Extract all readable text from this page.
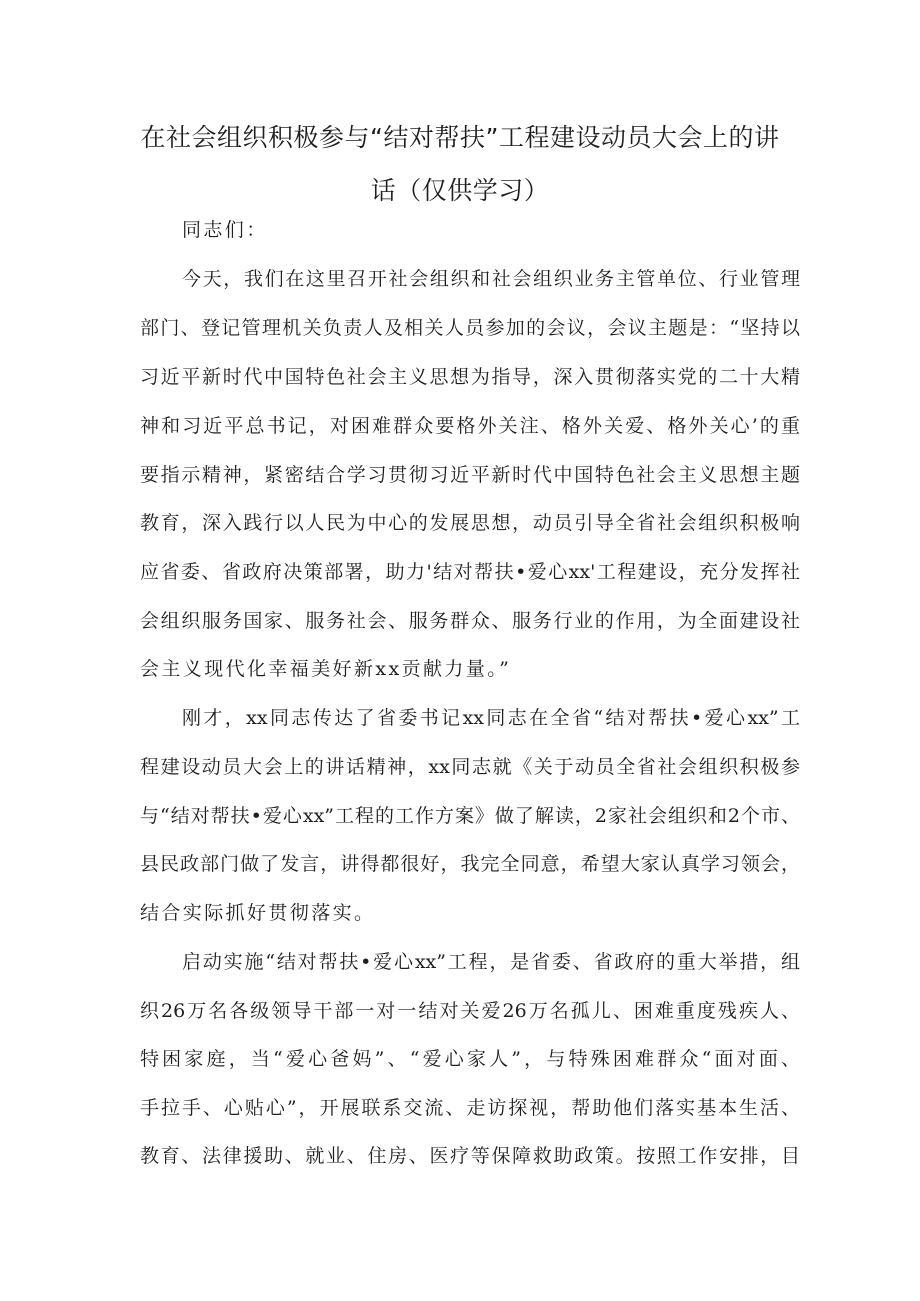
在社会组织积极参与“结对帮扶”工程建设动员大会上的讲
话（仅供学习）

同志们：

今天，我们在这里召开社会组织和社会组织业务主管单位、行业管理

部门、登记管理机关负责人及相关人员参加的会议，会议主题是：“坚持以

习近平新时代中国特色社会主义思想为指导，深入贯彻落实党的二十大精

神和习近平总书记，对困难群众要格外关注、格外关爱、格外关心’的重

要指示精神，紧密结合学习贯彻习近平新时代中国特色社会主义思想主题

教育，深入践行以人民为中心的发展思想，动员引导全省社会组织积极响

应省委、省政府决策部署，助力'结对帮扶•爱心xx'工程建设，充分发挥社

会组织服务国家、服务社会、服务群众、服务行业的作用，为全面建设社

会主义现代化幸福美好新xx贡献力量。”

刚才，xx同志传达了省委书记xx同志在全省“结对帮扶•爱心xx”工

程建设动员大会上的讲话精神，xx同志就《关于动员全省社会组织积极参

与“结对帮扶•爱心xx”工程的工作方案》做了解读，2家社会组织和2个市、

县民政部门做了发言，讲得都很好，我完全同意，希望大家认真学习领会，

结合实际抓好贯彻落实。

启动实施“结对帮扶•爱心xx”工程，是省委、省政府的重大举措，组

织26万名各级领导干部一对一结对关爱26万名孤儿、困难重度残疾人、

特困家庭，当“爱心爸妈”、“爱心家人”，与特殊困难群众“面对面、

手拉手、心贴心”，开展联系交流、走访探视，帮助他们落实基本生活、

教育、法律援助、就业、住房、医疗等保障救助政策。按照工作安排，目
